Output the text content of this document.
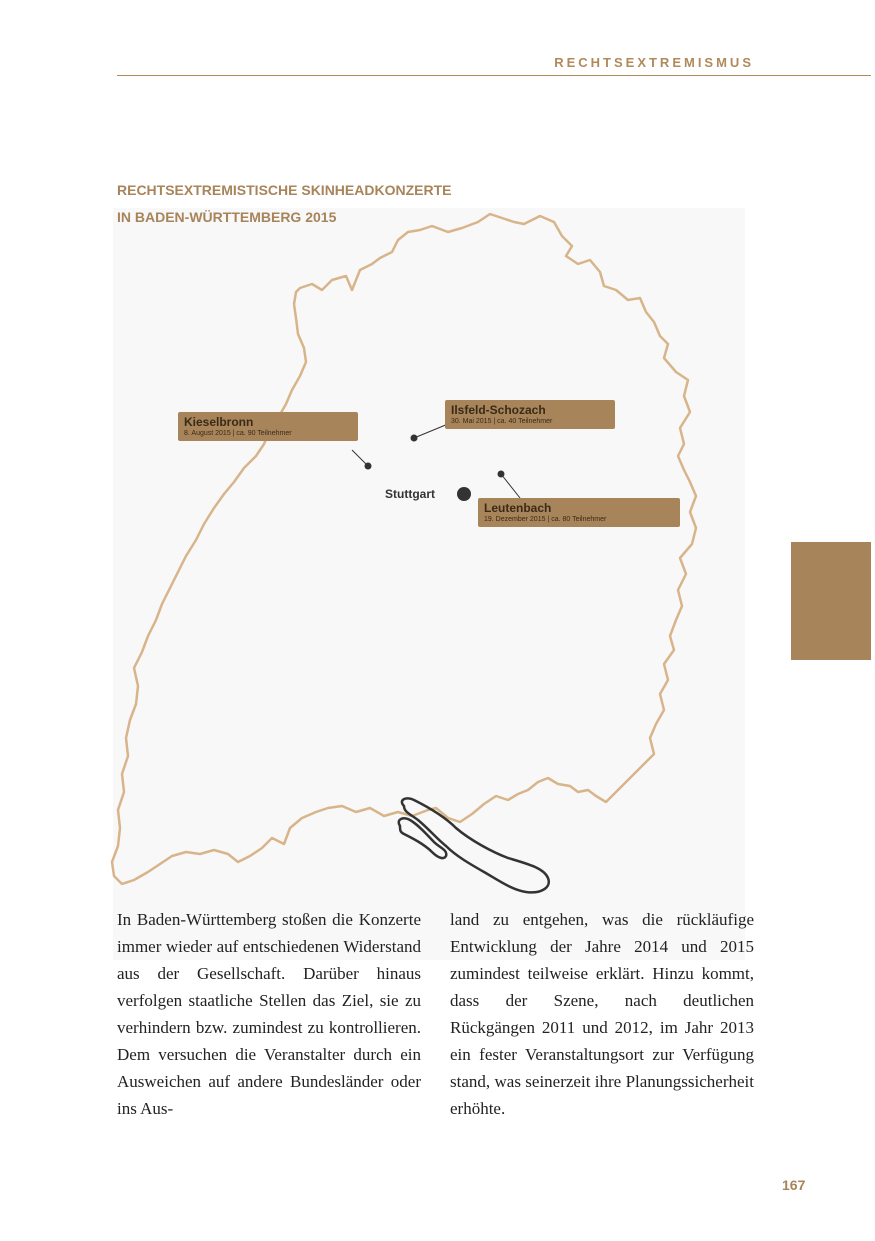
RECHTSEXTREMISMUS
RECHTSEXTREMISTISCHE SKINHEADKONZERTE
IN BADEN-WÜRTTEMBERG 2015
Kieselbronn
8. August 2015 | ca. 90 Teilnehmer
Ilsfeld-Schozach
30. Mai 2015 | ca. 40 Teilnehmer
Leutenbach
19. Dezember 2015 | ca. 80 Teilnehmer
Stuttgart
In Baden-Württemberg stoßen die Konzerte immer wieder auf entschiedenen Widerstand aus der Gesellschaft. Darüber hinaus verfolgen staatliche Stellen das Ziel, sie zu verhindern bzw. zumindest zu kontrollieren. Dem versuchen die Veranstalter durch ein Ausweichen auf andere Bundesländer oder ins Aus-
land zu entgehen, was die rückläufige Entwicklung der Jahre 2014 und 2015 zumindest teilweise erklärt. Hinzu kommt, dass der Szene, nach deutlichen Rückgängen 2011 und 2012, im Jahr 2013 ein fester Veranstaltungsort zur Verfügung stand, was seinerzeit ihre Planungssicherheit erhöhte.
167
